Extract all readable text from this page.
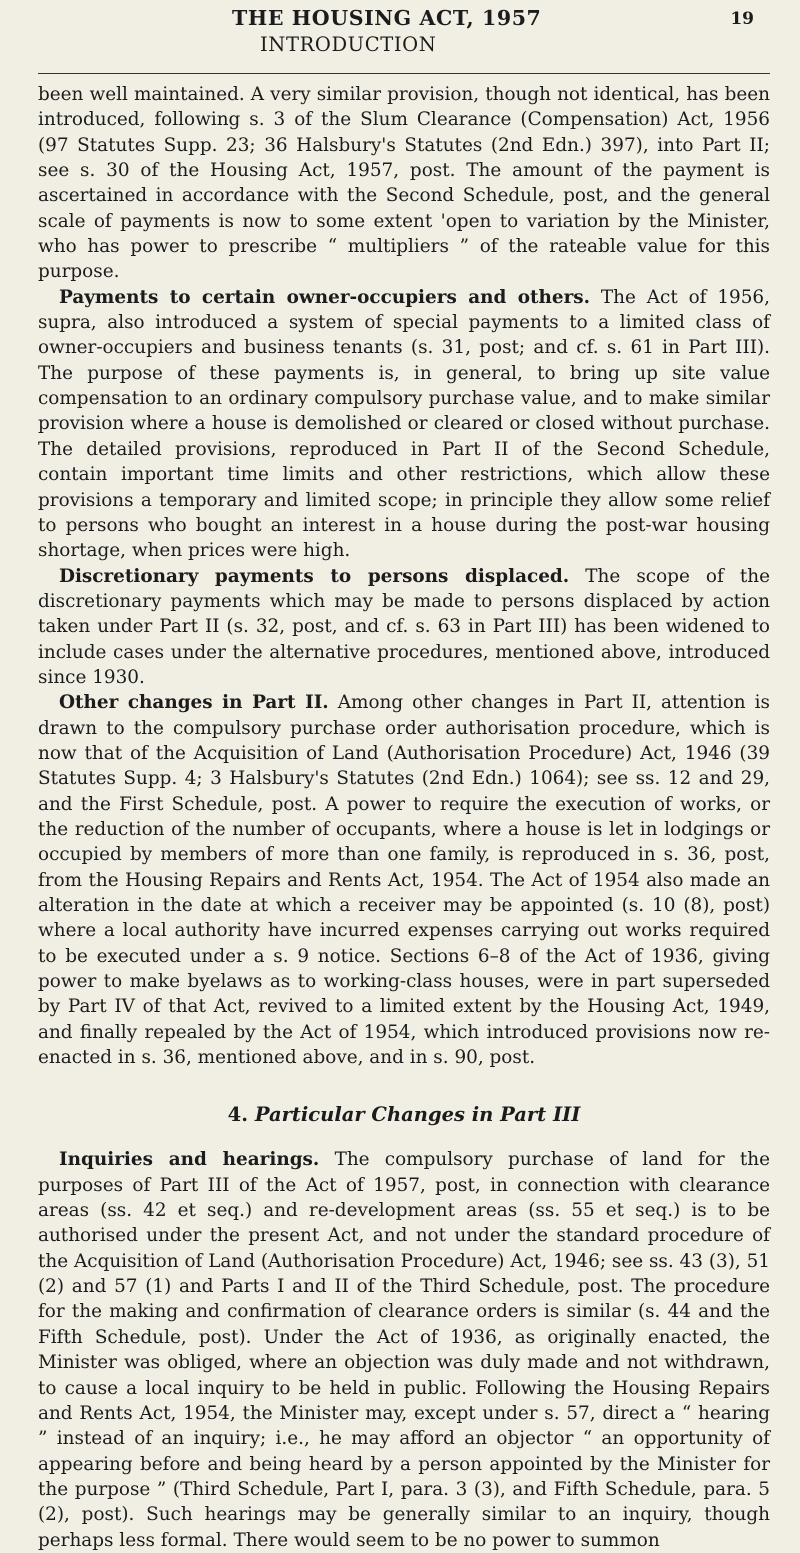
THE HOUSING ACT, 1957	19
INTRODUCTION

been well maintained. A very similar provision, though not identical, has been introduced, following s. 3 of the Slum Clearance (Compensation) Act, 1956 (97 Statutes Supp. 23; 36 Halsbury's Statutes (2nd Edn.) 397), into Part II; see s. 30 of the Housing Act, 1957, post. The amount of the payment is ascertained in accordance with the Second Schedule, post, and the general scale of payments is now to some extent 'open to variation by the Minister, who has power to prescribe “ multipliers ” of the rateable value for this purpose.

Payments to certain owner-occupiers and others. The Act of 1956, supra, also introduced a system of special payments to a limited class of owner-occupiers and business tenants (s. 31, post; and cf. s. 61 in Part III). The purpose of these payments is, in general, to bring up site value compensation to an ordinary compulsory purchase value, and to make similar provision where a house is demolished or cleared or closed without purchase. The detailed provisions, reproduced in Part II of the Second Schedule, contain important time limits and other restrictions, which allow these provisions a temporary and limited scope; in principle they allow some relief to persons who bought an interest in a house during the post-war housing shortage, when prices were high.

Discretionary payments to persons displaced. The scope of the discretionary payments which may be made to persons displaced by action taken under Part II (s. 32, post, and cf. s. 63 in Part III) has been widened to include cases under the alternative procedures, mentioned above, introduced since 1930.

Other changes in Part II. Among other changes in Part II, attention is drawn to the compulsory purchase order authorisation procedure, which is now that of the Acquisition of Land (Authorisation Procedure) Act, 1946 (39 Statutes Supp. 4; 3 Halsbury's Statutes (2nd Edn.) 1064); see ss. 12 and 29, and the First Schedule, post. A power to require the execution of works, or the reduction of the number of occupants, where a house is let in lodgings or occupied by members of more than one family, is reproduced in s. 36, post, from the Housing Repairs and Rents Act, 1954. The Act of 1954 also made an alteration in the date at which a receiver may be appointed (s. 10 (8), post) where a local authority have incurred expenses carrying out works required to be executed under a s. 9 notice. Sections 6–8 of the Act of 1936, giving power to make byelaws as to working-class houses, were in part superseded by Part IV of that Act, revived to a limited extent by the Housing Act, 1949, and finally repealed by the Act of 1954, which introduced provisions now re-enacted in s. 36, mentioned above, and in s. 90, post.

4. Particular Changes in Part III

Inquiries and hearings. The compulsory purchase of land for the purposes of Part III of the Act of 1957, post, in connection with clearance areas (ss. 42 et seq.) and re-development areas (ss. 55 et seq.) is to be authorised under the present Act, and not under the standard procedure of the Acquisition of Land (Authorisation Procedure) Act, 1946; see ss. 43 (3), 51 (2) and 57 (1) and Parts I and II of the Third Schedule, post. The procedure for the making and confirmation of clearance orders is similar (s. 44 and the Fifth Schedule, post). Under the Act of 1936, as originally enacted, the Minister was obliged, where an objection was duly made and not withdrawn, to cause a local inquiry to be held in public. Following the Housing Repairs and Rents Act, 1954, the Minister may, except under s. 57, direct a “ hearing ” instead of an inquiry; i.e., he may afford an objector “ an opportunity of appearing before and being heard by a person appointed by the Minister for the purpose ” (Third Schedule, Part I, para. 3 (3), and Fifth Schedule, para. 5 (2), post). Such hearings may be generally similar to an inquiry, though perhaps less formal. There would seem to be no power to summon
